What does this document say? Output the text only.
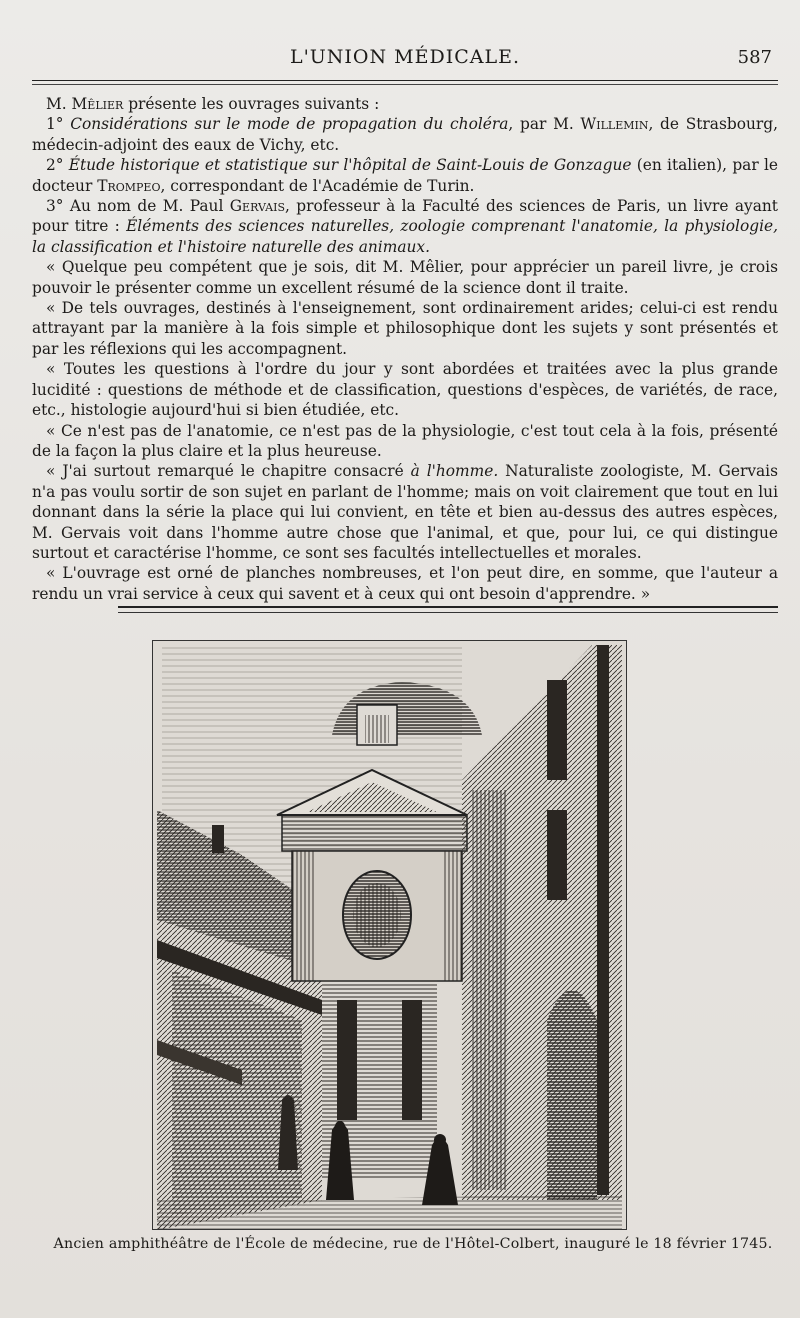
L'UNION MÉDICALE.	587

M. Mêlier présente les ouvrages suivants :

1° Considérations sur le mode de propagation du choléra, par M. Willemin, de Strasbourg, médecin-adjoint des eaux de Vichy, etc.

2° Étude historique et statistique sur l'hôpital de Saint-Louis de Gonzague (en italien), par le docteur Trompeo, correspondant de l'Académie de Turin.

3° Au nom de M. Paul Gervais, professeur à la Faculté des sciences de Paris, un livre ayant pour titre : Éléments des sciences naturelles, zoologie comprenant l'anatomie, la physiologie, la classification et l'histoire naturelle des animaux.

« Quelque peu compétent que je sois, dit M. Mêlier, pour apprécier un pareil livre, je crois pouvoir le présenter comme un excellent résumé de la science dont il traite.

« De tels ouvrages, destinés à l'enseignement, sont ordinairement arides; celui-ci est rendu attrayant par la manière à la fois simple et philosophique dont les sujets y sont présentés et par les réflexions qui les accompagnent.

« Toutes les questions à l'ordre du jour y sont abordées et traitées avec la plus grande lucidité : questions de méthode et de classification, questions d'espèces, de variétés, de race, etc., histologie aujourd'hui si bien étudiée, etc.

« Ce n'est pas de l'anatomie, ce n'est pas de la physiologie, c'est tout cela à la fois, présenté de la façon la plus claire et la plus heureuse.

« J'ai surtout remarqué le chapitre consacré à l'homme. Naturaliste zoologiste, M. Gervais n'a pas voulu sortir de son sujet en parlant de l'homme; mais on voit clairement que tout en lui donnant dans la série la place qui lui convient, en tête et bien au-dessus des autres espèces, M. Gervais voit dans l'homme autre chose que l'animal, et que, pour lui, ce qui distingue surtout et caractérise l'homme, ce sont ses facultés intellectuelles et morales.

« L'ouvrage est orné de planches nombreuses, et l'on peut dire, en somme, que l'auteur a rendu un vrai service à ceux qui savent et à ceux qui ont besoin d'apprendre. »

Ancien amphithéâtre de l'École de médecine, rue de l'Hôtel-Colbert, inauguré le 18 février 1745.
